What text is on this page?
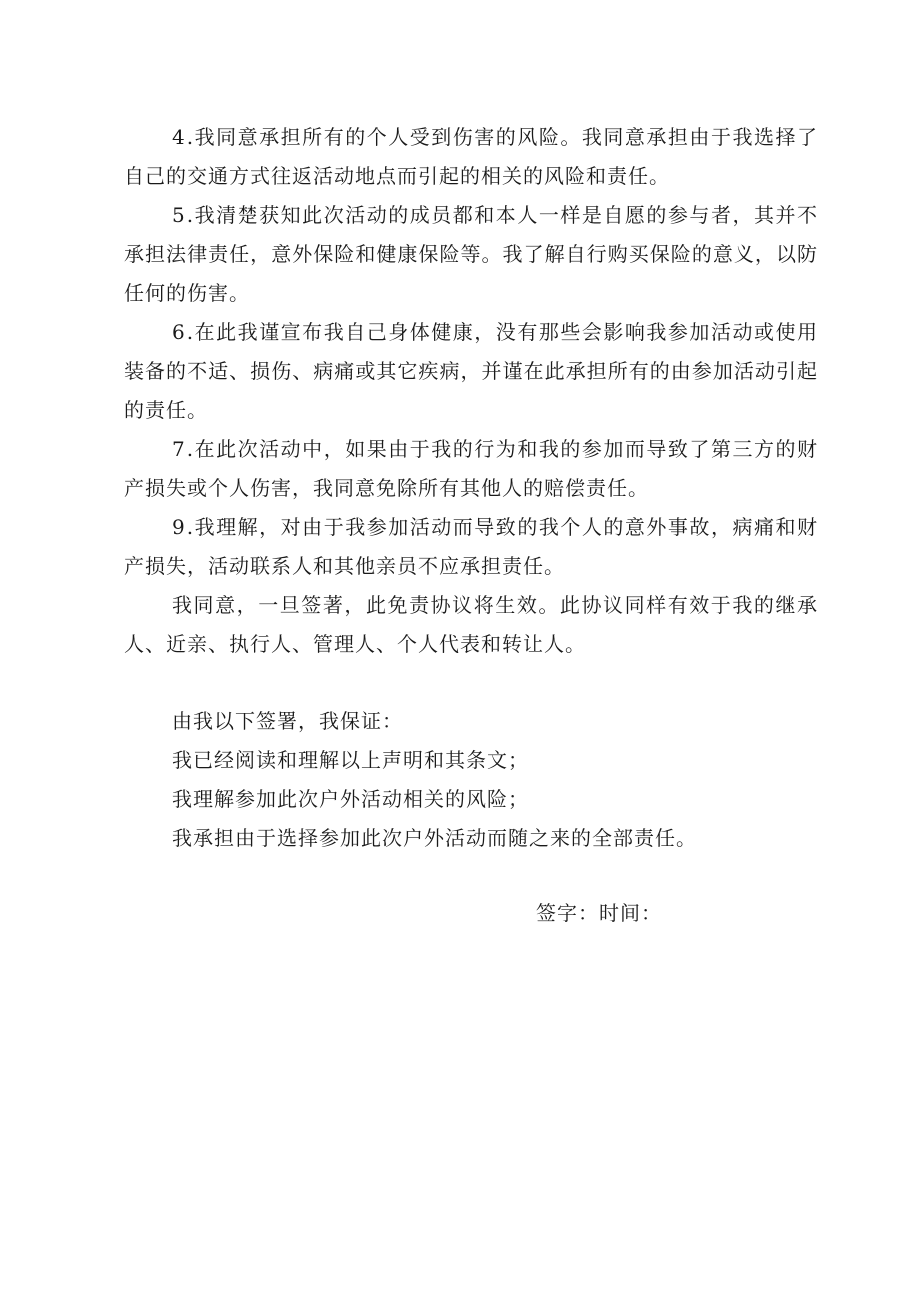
4.我同意承担所有的个人受到伤害的风险。我同意承担由于我选择了自己的交通方式往返活动地点而引起的相关的风险和责任。

5.我清楚获知此次活动的成员都和本人一样是自愿的参与者，其并不承担法律责任，意外保险和健康保险等。我了解自行购买保险的意义，以防任何的伤害。

6.在此我谨宣布我自己身体健康，没有那些会影响我参加活动或使用装备的不适、损伤、病痛或其它疾病，并谨在此承担所有的由参加活动引起的责任。

7.在此次活动中，如果由于我的行为和我的参加而导致了第三方的财产损失或个人伤害，我同意免除所有其他人的赔偿责任。

9.我理解，对由于我参加活动而导致的我个人的意外事故，病痛和财产损失，活动联系人和其他亲员不应承担责任。

我同意，一旦签著，此免责协议将生效。此协议同样有效于我的继承人、近亲、执行人、管理人、个人代表和转让人。

由我以下签署，我保证：
我已经阅读和理解以上声明和其条文；
我理解参加此次户外活动相关的风险；
我承担由于选择参加此次户外活动而随之来的全部责任。
签字：时间：
